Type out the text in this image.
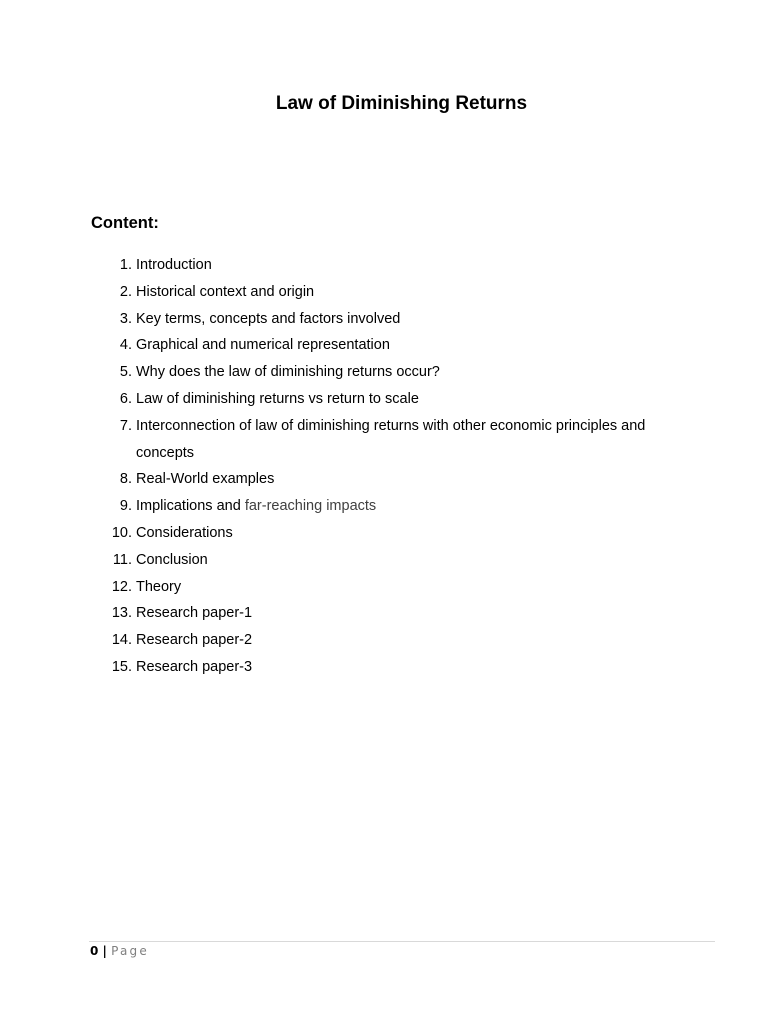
Law of Diminishing Returns
Content:
1. Introduction
2. Historical context and origin
3. Key terms, concepts and factors involved
4. Graphical and numerical representation
5. Why does the law of diminishing returns occur?
6. Law of diminishing returns vs return to scale
7. Interconnection of law of diminishing returns with other economic principles and concepts
8. Real-World examples
9. Implications and far-reaching impacts
10. Considerations
11. Conclusion
12. Theory
13. Research paper-1
14. Research paper-2
15. Research paper-3
0 | Page
